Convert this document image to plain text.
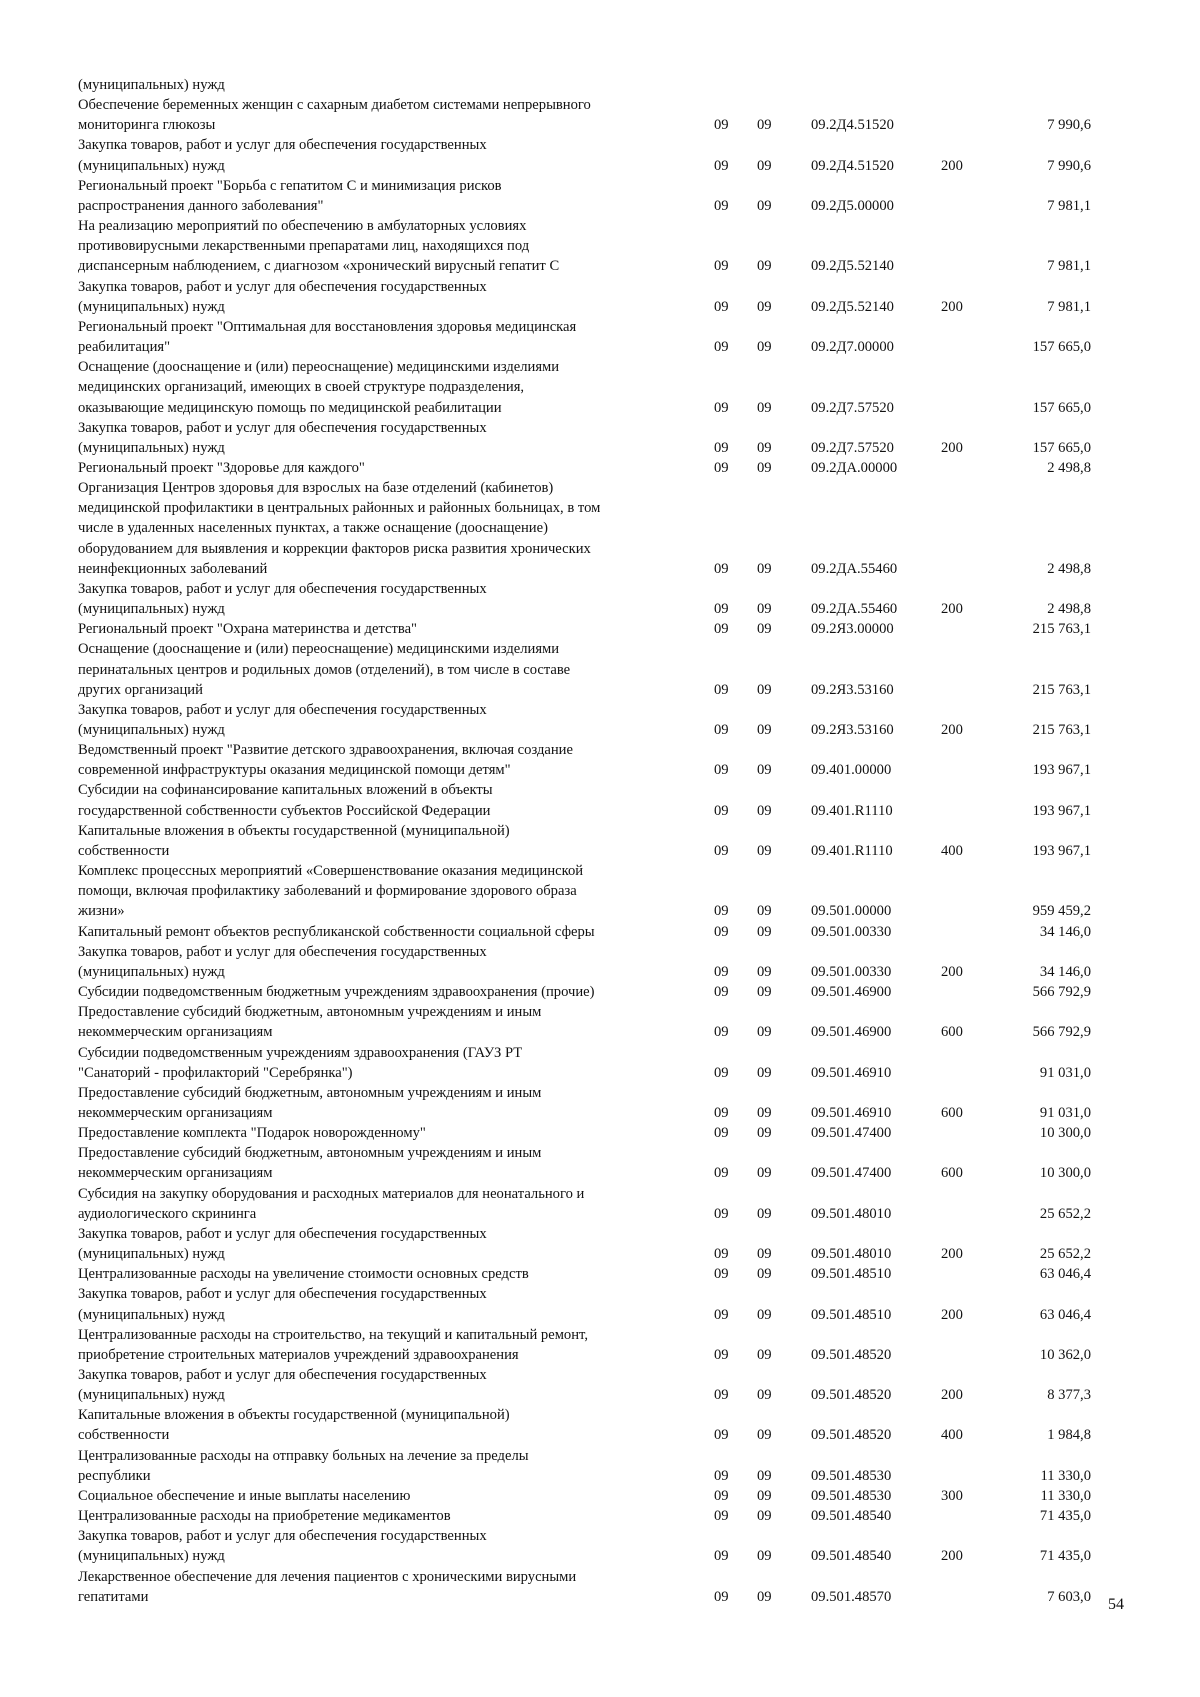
(муниципальных) нужд					
Обеспечение беременных женщин с сахарным диабетом системами непрерывного
мониторинга глюкозы	09	09	09.2Д4.51520		7 990,6
Закупка товаров, работ и услуг для обеспечения государственных
(муниципальных) нужд	09	09	09.2Д4.51520	200	7 990,6
Региональный проект "Борьба с гепатитом С и минимизация рисков
распространения данного заболевания"	09	09	09.2Д5.00000		7 981,1
На реализацию мероприятий по обеспечению в амбулаторных условиях
противовирусными лекарственными препаратами лиц, находящихся под
диспансерным наблюдением, с диагнозом «хронический вирусный гепатит С	09	09	09.2Д5.52140		7 981,1
Закупка товаров, работ и услуг для обеспечения государственных
(муниципальных) нужд	09	09	09.2Д5.52140	200	7 981,1
Региональный проект "Оптимальная для восстановления здоровья медицинская
реабилитация"	09	09	09.2Д7.00000		157 665,0
Оснащение (дооснащение и (или) переоснащение) медицинскими изделиями
медицинских организаций, имеющих в своей структуре подразделения,
оказывающие медицинскую помощь по медицинской реабилитации	09	09	09.2Д7.57520		157 665,0
Закупка товаров, работ и услуг для обеспечения государственных
(муниципальных) нужд	09	09	09.2Д7.57520	200	157 665,0
Региональный проект "Здоровье для каждого"	09	09	09.2ДА.00000		2 498,8
Организация Центров здоровья для взрослых на базе отделений (кабинетов)
медицинской профилактики в центральных районных и районных больницах, в том
числе в удаленных населенных пунктах, а также оснащение (дооснащение)
оборудованием для выявления и коррекции факторов риска развития хронических
неинфекционных заболеваний	09	09	09.2ДА.55460		2 498,8
Закупка товаров, работ и услуг для обеспечения государственных
(муниципальных) нужд	09	09	09.2ДА.55460	200	2 498,8
Региональный проект "Охрана материнства и детства"	09	09	09.2Я3.00000		215 763,1
Оснащение (дооснащение и (или) переоснащение) медицинскими изделиями
перинатальных центров и родильных домов (отделений), в том числе в составе
других организаций	09	09	09.2Я3.53160		215 763,1
Закупка товаров, работ и услуг для обеспечения государственных
(муниципальных) нужд	09	09	09.2Я3.53160	200	215 763,1
Ведомственный проект "Развитие детского здравоохранения, включая создание
современной инфраструктуры оказания медицинской помощи детям"	09	09	09.401.00000		193 967,1
Субсидии на софинансирование капитальных вложений в объекты
государственной собственности субъектов Российской Федерации	09	09	09.401.R1110		193 967,1
Капитальные вложения в объекты государственной (муниципальной)
собственности	09	09	09.401.R1110	400	193 967,1
Комплекс процессных мероприятий «Совершенствование оказания медицинской
помощи, включая профилактику заболеваний и формирование здорового образа
жизни»	09	09	09.501.00000		959 459,2
Капитальный ремонт объектов республиканской собственности социальной сферы	09	09	09.501.00330		34 146,0
Закупка товаров, работ и услуг для обеспечения государственных
(муниципальных) нужд	09	09	09.501.00330	200	34 146,0
Субсидии подведомственным бюджетным учреждениям здравоохранения (прочие)	09	09	09.501.46900		566 792,9
Предоставление субсидий бюджетным, автономным учреждениям и иным
некоммерческим организациям	09	09	09.501.46900	600	566 792,9
Субсидии подведомственным учреждениям здравоохранения (ГАУЗ РТ
"Санаторий - профилакторий "Серебрянка")	09	09	09.501.46910		91 031,0
Предоставление субсидий бюджетным, автономным учреждениям и иным
некоммерческим организациям	09	09	09.501.46910	600	91 031,0
Предоставление комплекта "Подарок новорожденному"	09	09	09.501.47400		10 300,0
Предоставление субсидий бюджетным, автономным учреждениям и иным
некоммерческим организациям	09	09	09.501.47400	600	10 300,0
Субсидия на закупку оборудования и расходных материалов для неонатального и
аудиологического скрининга	09	09	09.501.48010		25 652,2
Закупка товаров, работ и услуг для обеспечения государственных
(муниципальных) нужд	09	09	09.501.48010	200	25 652,2
Централизованные расходы на увеличение стоимости основных средств	09	09	09.501.48510		63 046,4
Закупка товаров, работ и услуг для обеспечения государственных
(муниципальных) нужд	09	09	09.501.48510	200	63 046,4
Централизованные расходы на строительство, на текущий и капитальный ремонт,
приобретение строительных материалов учреждений здравоохранения	09	09	09.501.48520		10 362,0
Закупка товаров, работ и услуг для обеспечения государственных
(муниципальных) нужд	09	09	09.501.48520	200	8 377,3
Капитальные вложения в объекты государственной (муниципальной)
собственности	09	09	09.501.48520	400	1 984,8
Централизованные расходы на отправку больных на лечение за пределы
республики	09	09	09.501.48530		11 330,0
Социальное обеспечение и иные выплаты населению	09	09	09.501.48530	300	11 330,0
Централизованные расходы на приобретение медикаментов	09	09	09.501.48540		71 435,0
Закупка товаров, работ и услуг для обеспечения государственных
(муниципальных) нужд	09	09	09.501.48540	200	71 435,0
Лекарственное обеспечение для лечения пациентов с хроническими вирусными
гепатитами	09	09	09.501.48570		7 603,0 54
